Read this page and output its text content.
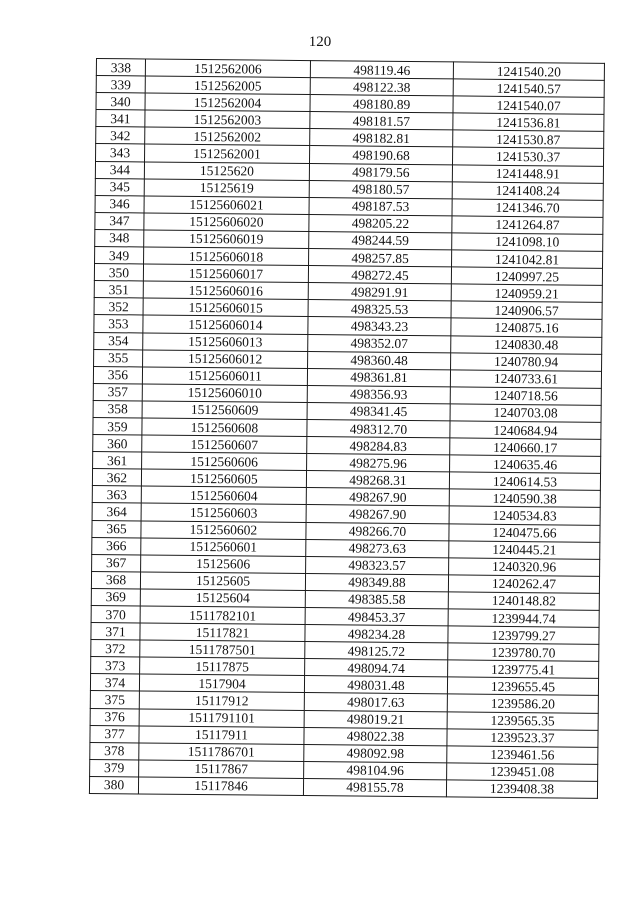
120
338	1512562006	498119.46	1241540.20
339	1512562005	498122.38	1241540.57
340	1512562004	498180.89	1241540.07
341	1512562003	498181.57	1241536.81
342	1512562002	498182.81	1241530.87
343	1512562001	498190.68	1241530.37
344	15125620	498179.56	1241448.91
345	15125619	498180.57	1241408.24
346	15125606021	498187.53	1241346.70
347	15125606020	498205.22	1241264.87
348	15125606019	498244.59	1241098.10
349	15125606018	498257.85	1241042.81
350	15125606017	498272.45	1240997.25
351	15125606016	498291.91	1240959.21
352	15125606015	498325.53	1240906.57
353	15125606014	498343.23	1240875.16
354	15125606013	498352.07	1240830.48
355	15125606012	498360.48	1240780.94
356	15125606011	498361.81	1240733.61
357	15125606010	498356.93	1240718.56
358	1512560609	498341.45	1240703.08
359	1512560608	498312.70	1240684.94
360	1512560607	498284.83	1240660.17
361	1512560606	498275.96	1240635.46
362	1512560605	498268.31	1240614.53
363	1512560604	498267.90	1240590.38
364	1512560603	498267.90	1240534.83
365	1512560602	498266.70	1240475.66
366	1512560601	498273.63	1240445.21
367	15125606	498323.57	1240320.96
368	15125605	498349.88	1240262.47
369	15125604	498385.58	1240148.82
370	1511782101	498453.37	1239944.74
371	15117821	498234.28	1239799.27
372	1511787501	498125.72	1239780.70
373	15117875	498094.74	1239775.41
374	1517904	498031.48	1239655.45
375	15117912	498017.63	1239586.20
376	1511791101	498019.21	1239565.35
377	15117911	498022.38	1239523.37
378	1511786701	498092.98	1239461.56
379	15117867	498104.96	1239451.08
380	15117846	498155.78	1239408.38
